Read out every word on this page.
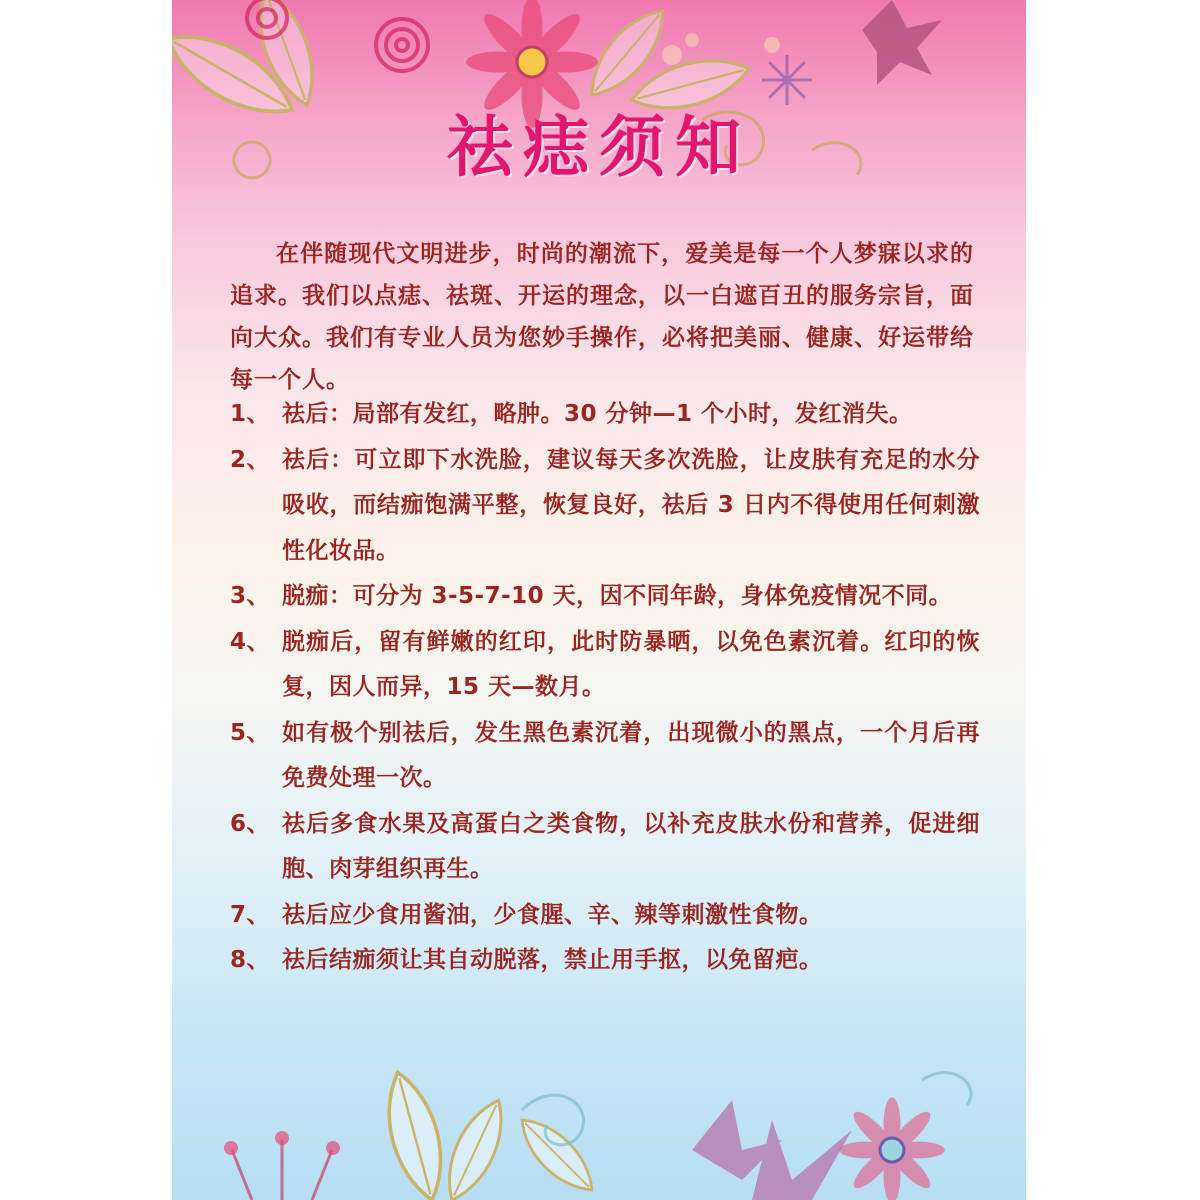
祛痣须知

在伴随现代文明进步，时尚的潮流下，爱美是每一个人梦寐以求的追求。我们以点痣、祛斑、开运的理念，以一白遮百丑的服务宗旨，面向大众。我们有专业人员为您妙手操作，必将把美丽、健康、好运带给每一个人。

1、 祛后：局部有发红，略肿。30 分钟—1 个小时，发红消失。
2、 祛后：可立即下水洗脸，建议每天多次洗脸，让皮肤有充足的水分吸收，而结痂饱满平整，恢复良好，祛后 3 日内不得使用任何刺激性化妆品。
3、 脱痂：可分为 3-5-7-10 天，因不同年龄，身体免疫情况不同。
4、 脱痂后，留有鲜嫩的红印，此时防暴晒，以免色素沉着。红印的恢复，因人而异，15 天—数月。
5、 如有极个别祛后，发生黑色素沉着，出现微小的黑点，一个月后再免费处理一次。
6、 祛后多食水果及高蛋白之类食物，以补充皮肤水份和营养，促进细胞、肉芽组织再生。
7、 祛后应少食用酱油，少食腥、辛、辣等刺激性食物。
8、 祛后结痂须让其自动脱落，禁止用手抠，以免留疤。
